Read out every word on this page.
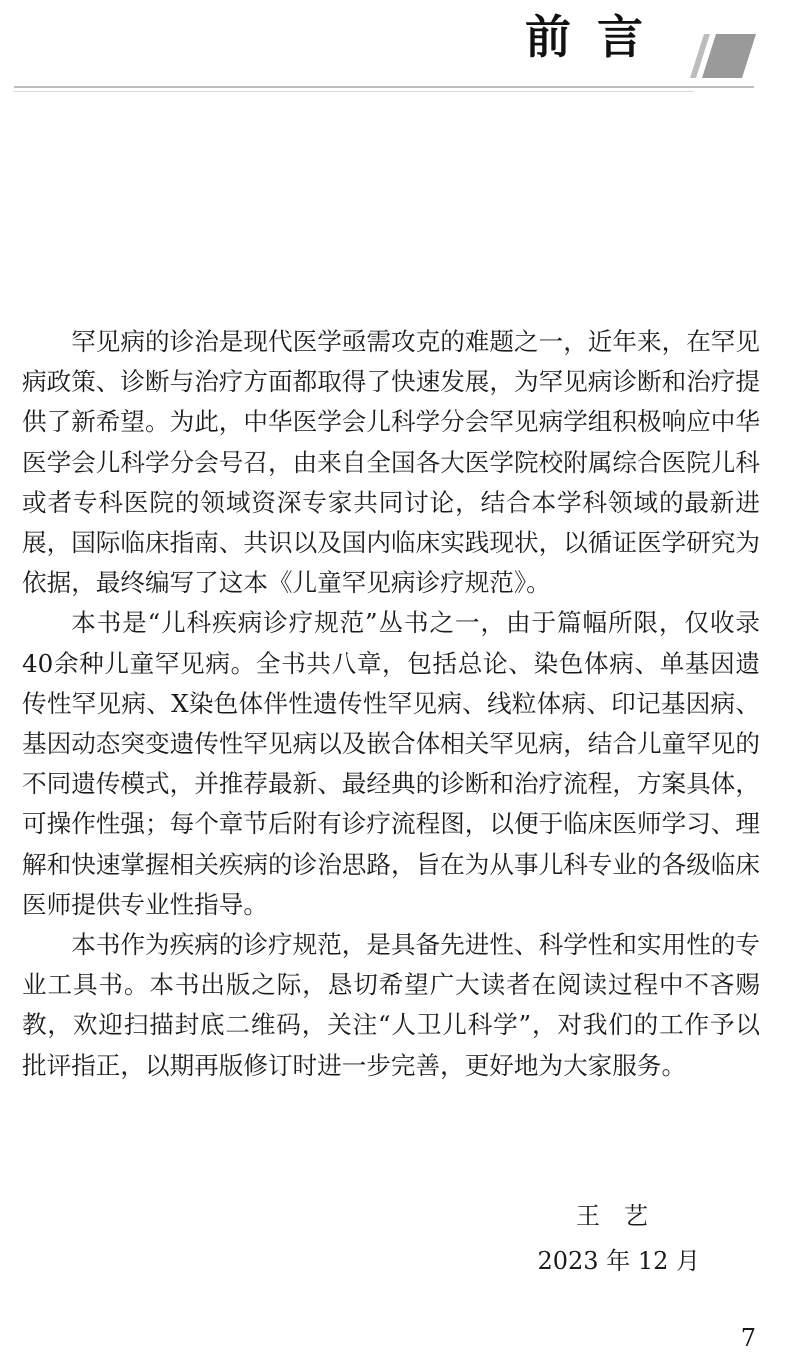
前言

罕见病的诊治是现代医学亟需攻克的难题之一，近年来，在罕见病政策、诊断与治疗方面都取得了快速发展，为罕见病诊断和治疗提供了新希望。为此，中华医学会儿科学分会罕见病学组积极响应中华医学会儿科学分会号召，由来自全国各大医学院校附属综合医院儿科或者专科医院的领域资深专家共同讨论，结合本学科领域的最新进展，国际临床指南、共识以及国内临床实践现状，以循证医学研究为依据，最终编写了这本《儿童罕见病诊疗规范》。

本书是“儿科疾病诊疗规范”丛书之一，由于篇幅所限，仅收录40余种儿童罕见病。全书共八章，包括总论、染色体病、单基因遗传性罕见病、X染色体伴性遗传性罕见病、线粒体病、印记基因病、基因动态突变遗传性罕见病以及嵌合体相关罕见病，结合儿童罕见的不同遗传模式，并推荐最新、最经典的诊断和治疗流程，方案具体，可操作性强；每个章节后附有诊疗流程图，以便于临床医师学习、理解和快速掌握相关疾病的诊治思路，旨在为从事儿科专业的各级临床医师提供专业性指导。

本书作为疾病的诊疗规范，是具备先进性、科学性和实用性的专业工具书。本书出版之际，恳切希望广大读者在阅读过程中不吝赐教，欢迎扫描封底二维码，关注“人卫儿科学”，对我们的工作予以批评指正，以期再版修订时进一步完善，更好地为大家服务。

王艺
2023 年 12 月
7
